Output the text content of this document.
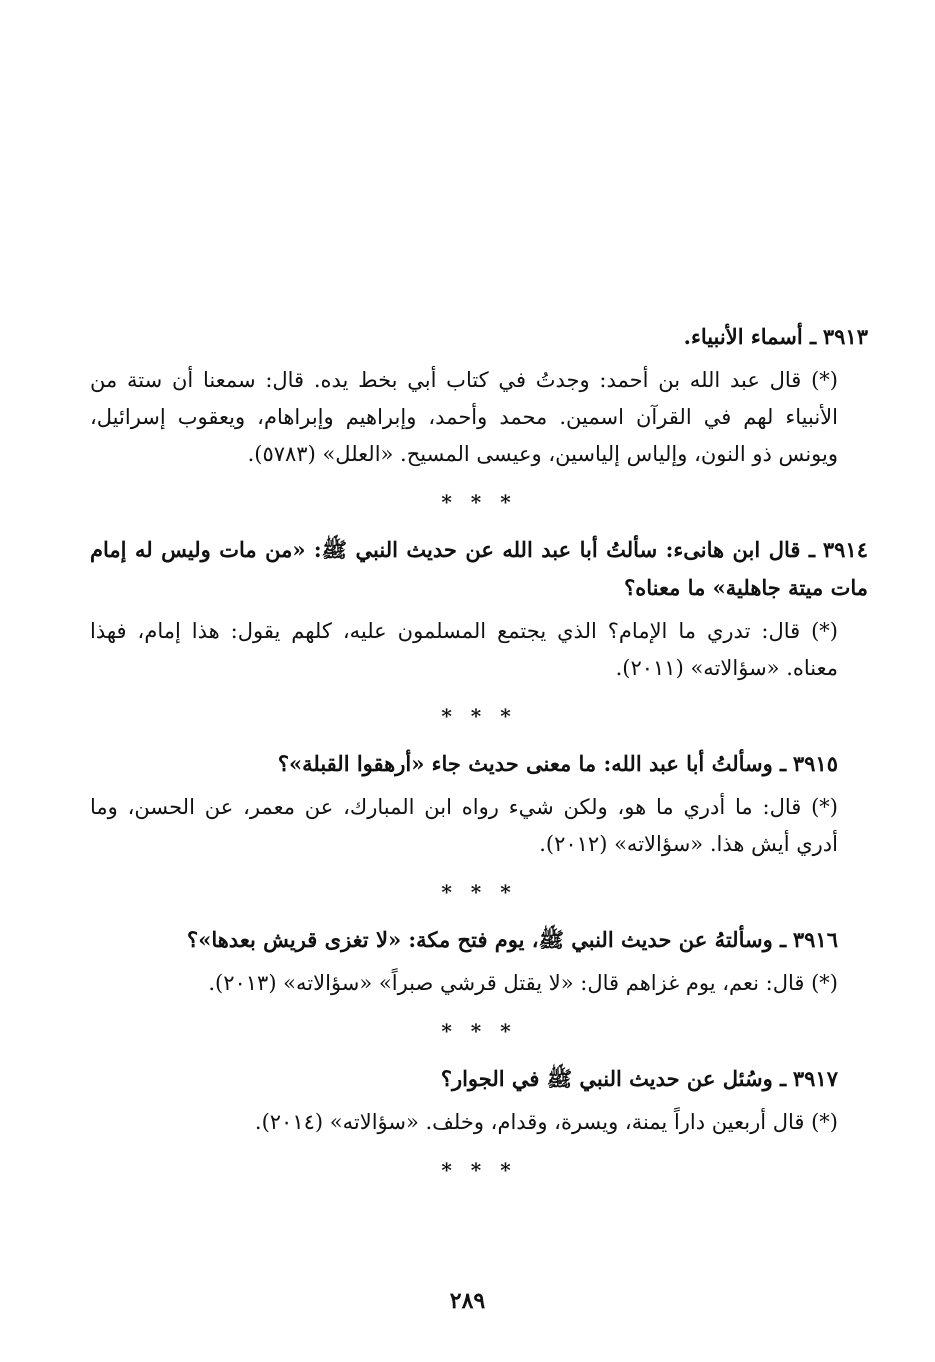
٣٩١٣ ـ أسماء الأنبياء.

(*) قال عبد الله بن أحمد: وجدتُ في كتاب أبي بخط يده. قال: سمعنا أن ستة من الأنبياء لهم في القرآن اسمين. محمد وأحمد، وإبراهيم وإبراهام، ويعقوب إسرائيل، ويونس ذو النون، وإلياس إلياسين، وعيسى المسيح. «العلل» (٥٧٨٣).

* * *

٣٩١٤ ـ قال ابن هانىء: سألتُ أبا عبد الله عن حديث النبي ﷺ: «من مات وليس له إمام مات ميتة جاهلية» ما معناه؟

(*) قال: تدري ما الإمام؟ الذي يجتمع المسلمون عليه، كلهم يقول: هذا إمام، فهذا معناه. «سؤالاته» (٢٠١١).

* * *

٣٩١٥ ـ وسألتُ أبا عبد الله: ما معنى حديث جاء «أرهقوا القبلة»؟

(*) قال: ما أدري ما هو، ولكن شيء رواه ابن المبارك، عن معمر، عن الحسن، وما أدري أيش هذا. «سؤالاته» (٢٠١٢).

* * *

٣٩١٦ ـ وسألتهُ عن حديث النبي ﷺ، يوم فتح مكة: «لا تغزى قريش بعدها»؟

(*) قال: نعم، يوم غزاهم قال: «لا يقتل قرشي صبراً» «سؤالاته» (٢٠١٣).

* * *

٣٩١٧ ـ وسُئل عن حديث النبي ﷺ في الجوار؟

(*) قال أربعين داراً يمنة، ويسرة، وقدام، وخلف. «سؤالاته» (٢٠١٤).

* * *
٢٨٩
